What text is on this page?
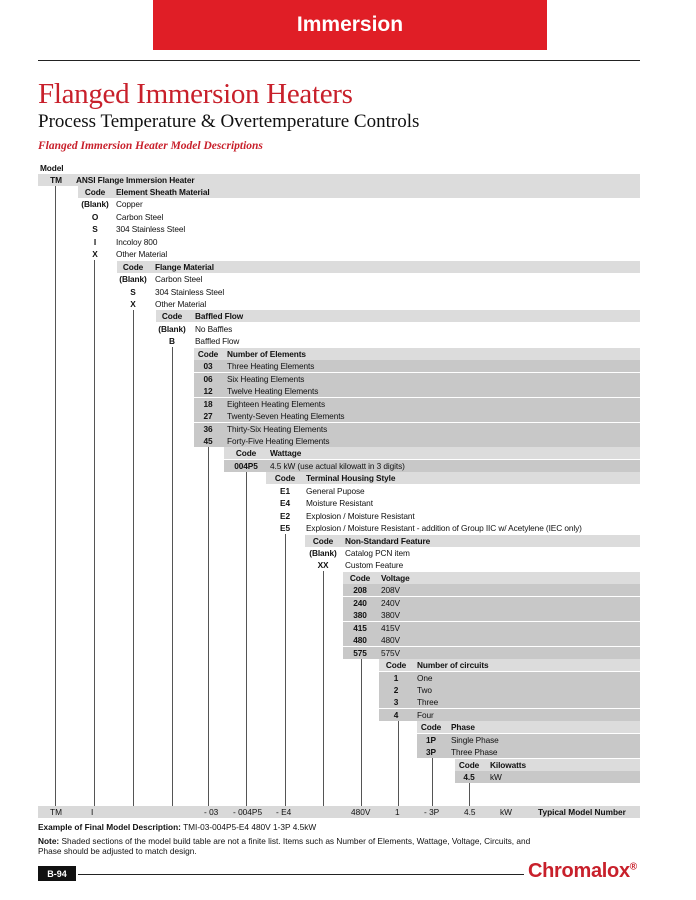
Immersion
Flanged Immersion Heaters
Process Temperature & Overtemperature Controls
Flanged Immersion Heater Model Descriptions
Model
TM	ANSI Flange Immersion Heater
Code	Element Sheath Material
(Blank) Copper
O	Carbon Steel
S	304 Stainless Steel
I	Incoloy 800
X	Other Material
Code	Flange Material
(Blank) Carbon Steel
S	304 Stainless Steel
X	Other Material
Code	Baffled Flow
(Blank)	No Baffles
B	Baffled Flow
Code	Number of Elements
03	Three Heating Elements
06	Six Heating Elements
12	Twelve Heating Elements
18	Eighteen Heating Elements
27	Twenty-Seven Heating Elements
36	Thirty-Six Heating Elements
45	Forty-Five Heating Elements
Code	Wattage
004P5	4.5 kW (use actual kilowatt in 3 digits)
Code	Terminal Housing Style
E1	General Pupose
E4	Moisture Resistant
E2	Explosion / Moisture Resistant
E5	Explosion / Moisture Resistant - addition of Group IIC w/ Acetylene (IEC only)
Code	Non-Standard Feature
(Blank) Catalog PCN item
XX	Custom Feature
Code	Voltage
208	208V
240	240V
380	380V
415	415V
480	480V
575	575V
Code	Number of circuits
1	One
2	Two
3	Three
4	Four
Code	Phase
1P	Single Phase
3P	Three Phase
Code	Kilowatts
4.5	kW
TM	I	- 03 - 004P5 - E4	480V	1	- 3P	4.5	kW	Typical Model Number
Example of Final Model Description: TMI-03-004P5-E4 480V 1-3P 4.5kW
Note: Shaded sections of the model build table are not a finite list. Items such as Number of Elements, Wattage, Voltage, Circuits, and Phase should be adjusted to match design.
B-94	Chromalox®
